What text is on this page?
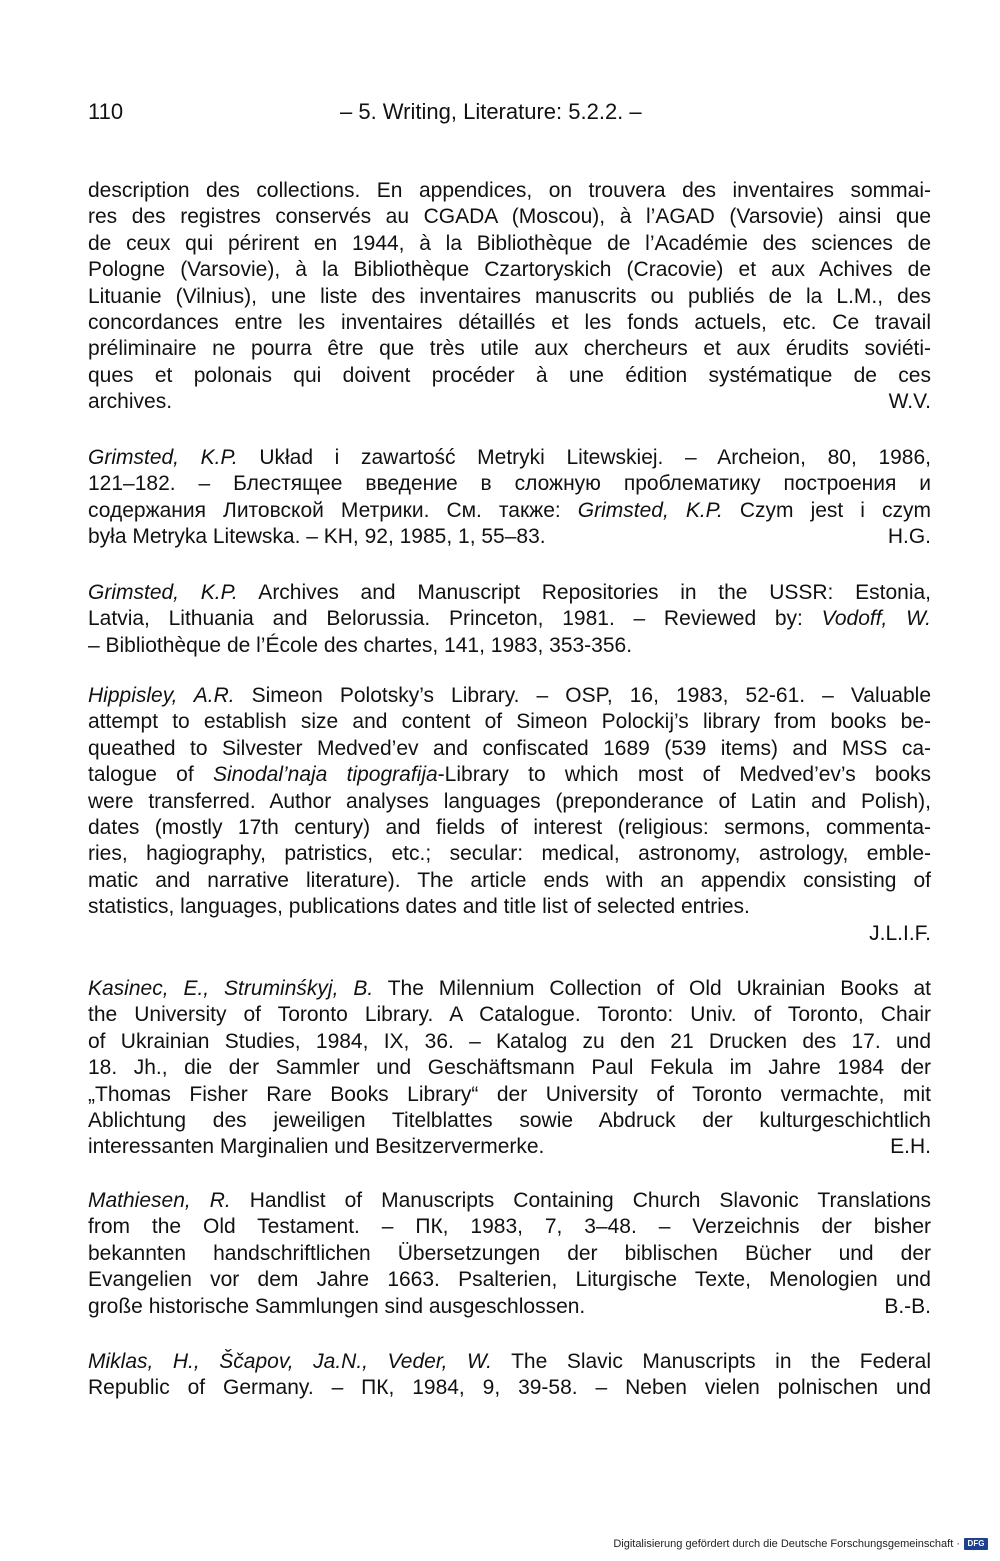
110	– 5. Writing, Literature: 5.2.2. –
description des collections. En appendices, on trouvera des inventaires sommai-
res des registres conservés au CGADA (Moscou), à l’AGAD (Varsovie) ainsi que
de ceux qui périrent en 1944, à la Bibliothèque de l’Académie des sciences de
Pologne (Varsovie), à la Bibliothèque Czartoryskich (Cracovie) et aux Achives de
Lituanie (Vilnius), une liste des inventaires manuscrits ou publiés de la L.M., des
concordances entre les inventaires détaillés et les fonds actuels, etc. Ce travail
préliminaire ne pourra être que très utile aux chercheurs et aux érudits soviéti-
ques et polonais qui doivent procéder à une édition systématique de ces
archives.	W.V.
Grimsted, K.P. Układ i zawartość Metryki Litewskiej. – Archeion, 80, 1986,
121–182. – Блестящее введение в сложную проблематику построения и
содержания Литовской Метрики. См. также: Grimsted, K.P. Czym jest i czym
była Metryka Litewska. – KH, 92, 1985, 1, 55–83.	H.G.
Grimsted, K.P. Archives and Manuscript Repositories in the USSR: Estonia,
Latvia, Lithuania and Belorussia. Princeton, 1981. – Reviewed by: Vodoff, W.
– Bibliothèque de l’École des chartes, 141, 1983, 353-356.
Hippisley, A.R. Simeon Polotsky’s Library. – OSP, 16, 1983, 52-61. – Valuable
attempt to establish size and content of Simeon Polockij’s library from books be-
queathed to Silvester Medved’ev and confiscated 1689 (539 items) and MSS ca-
talogue of Sinodal’naja tipografija-Library to which most of Medved’ev’s books
were transferred. Author analyses languages (preponderance of Latin and Polish),
dates (mostly 17th century) and fields of interest (religious: sermons, commenta-
ries, hagiography, patristics, etc.; secular: medical, astronomy, astrology, emble-
matic and narrative literature). The article ends with an appendix consisting of
statistics, languages, publications dates and title list of selected entries.
J.L.I.F.
Kasinec, E., Struminśkyj, B. The Milennium Collection of Old Ukrainian Books at
the University of Toronto Library. A Catalogue. Toronto: Univ. of Toronto, Chair
of Ukrainian Studies, 1984, IX, 36. – Katalog zu den 21 Drucken des 17. und
18. Jh., die der Sammler und Geschäftsmann Paul Fekula im Jahre 1984 der
„Thomas Fisher Rare Books Library“ der University of Toronto vermachte, mit
Ablichtung des jeweiligen Titelblattes sowie Abdruck der kulturgeschichtlich
interessanten Marginalien und Besitzervermerke.	E.H.
Mathiesen, R. Handlist of Manuscripts Containing Church Slavonic Translations
from the Old Testament. – ПК, 1983, 7, 3–48. – Verzeichnis der bisher
bekannten handschriftlichen Übersetzungen der biblischen Bücher und der
Evangelien vor dem Jahre 1663. Psalterien, Liturgische Texte, Menologien und
große historische Sammlungen sind ausgeschlossen.	B.-B.
Miklas, H., Ščapov, Ja.N., Veder, W. The Slavic Manuscripts in the Federal
Republic of Germany. – ПК, 1984, 9, 39-58. – Neben vielen polnischen und
Digitalisierung gefördert durch die Deutsche Forschungsgemeinschaft · DFG
